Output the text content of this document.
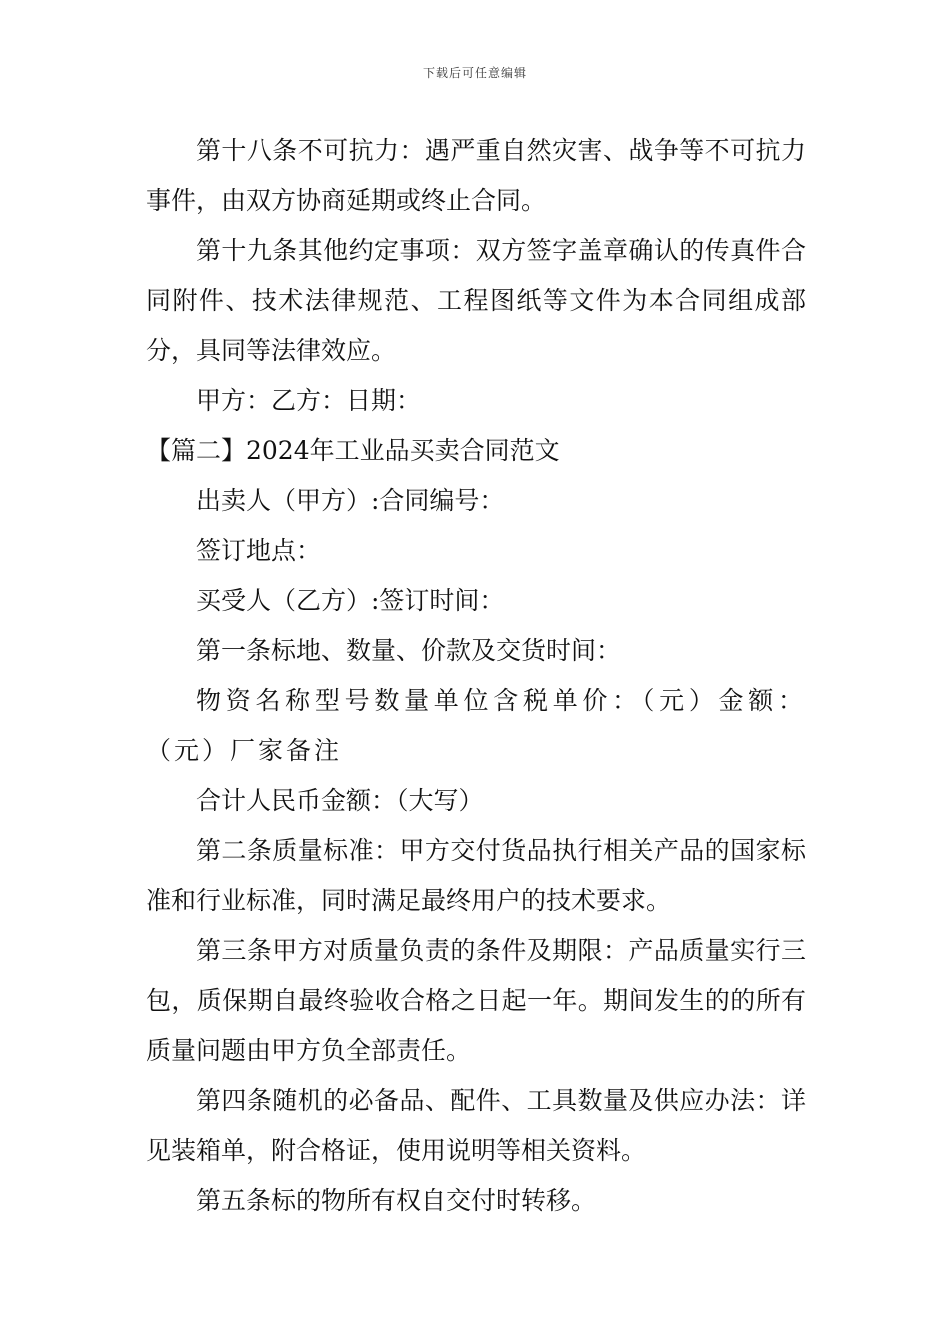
下载后可任意编辑

第十八条不可抗力：遇严重自然灾害、战争等不可抗力事件，由双方协商延期或终止合同。

第十九条其他约定事项：双方签字盖章确认的传真件合同附件、技术法律规范、工程图纸等文件为本合同组成部分，具同等法律效应。

甲方：乙方：日期：

【篇二】2024年工业品买卖合同范文

出卖人（甲方）:合同编号：

签订地点：

买受人（乙方）:签订时间：

第一条标地、数量、价款及交货时间：

物资名称型号数量单位含税单价：（元）金额：（元）厂家备注

合计人民币金额：（大写）

第二条质量标准：甲方交付货品执行相关产品的国家标准和行业标准，同时满足最终用户的技术要求。

第三条甲方对质量负责的条件及期限：产品质量实行三包，质保期自最终验收合格之日起一年。期间发生的的所有质量问题由甲方负全部责任。

第四条随机的必备品、配件、工具数量及供应办法：详见装箱单，附合格证，使用说明等相关资料。

第五条标的物所有权自交付时转移。
